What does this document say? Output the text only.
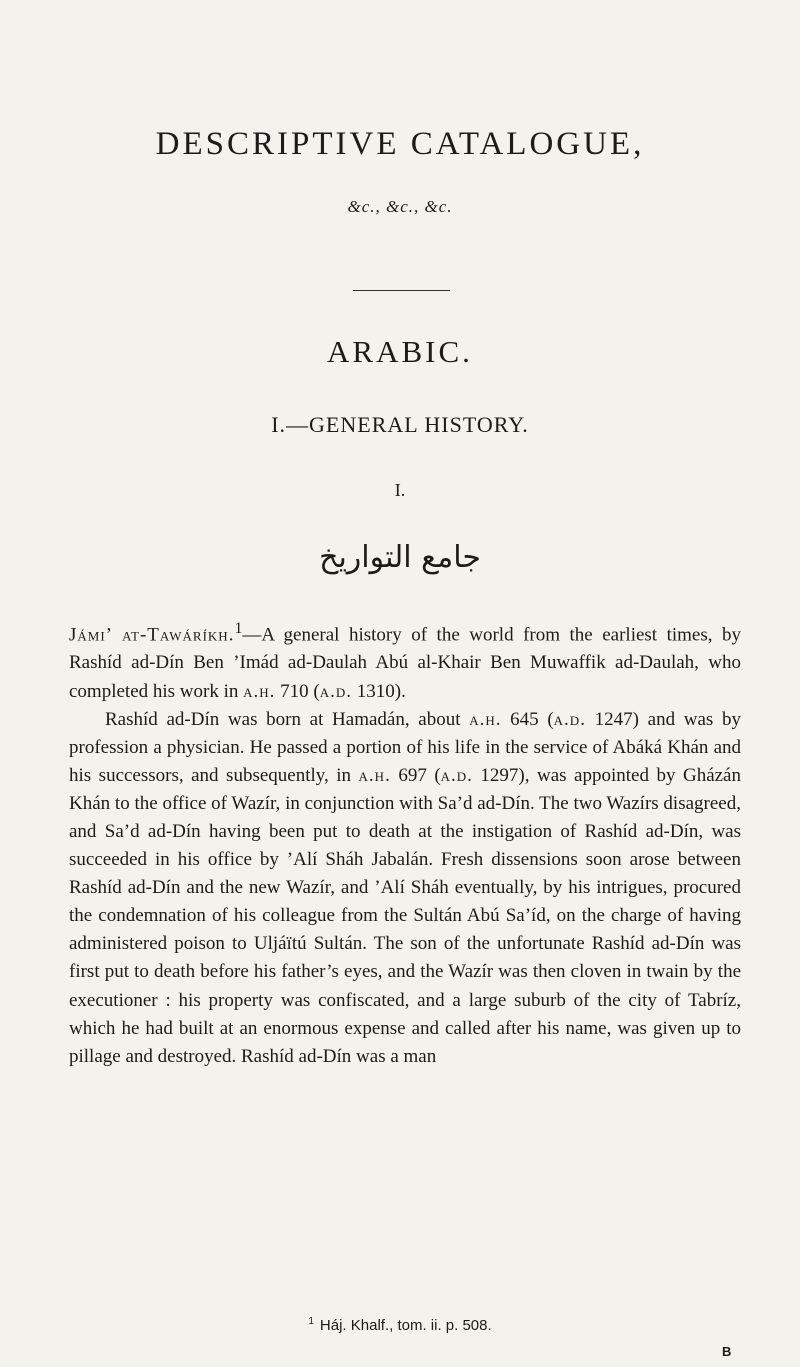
DESCRIPTIVE CATALOGUE,
&c., &c., &c.
ARABIC.
I.—GENERAL HISTORY.
I.
جامع التواريخ

Jámi’ at-Tawáríkh.$^1$—A general history of the world from the earliest times, by Rashíd ad-Dín Ben ’Imád ad-Daulah Abú al-Khair Ben Muwaffik ad-Daulah, who completed his work in a.h. 710 (a.d. 1310).

Rashíd ad-Dín was born at Hamadán, about a.h. 645 (a.d. 1247) and was by profession a physician. He passed a portion of his life in the service of Abáká Khán and his successors, and subsequently, in a.h. 697 (a.d. 1297), was appointed by Gházán Khán to the office of Wazír, in conjunction with Sa’d ad-Dín. The two Wazírs disagreed, and Sa’d ad-Dín having been put to death at the instigation of Rashíd ad-Dín, was succeeded in his office by ’Alí Sháh Jabalán. Fresh dissensions soon arose between Rashíd ad-Dín and the new Wazír, and ’Alí Sháh eventually, by his intrigues, procured the condemnation of his colleague from the Sultán Abú Sa’íd, on the charge of having administered poison to Uljáïtú Sultán. The son of the unfortunate Rashíd ad-Dín was first put to death before his father’s eyes, and the Wazír was then cloven in twain by the executioner : his property was confiscated, and a large suburb of the city of Tabríz, which he had built at an enormous expense and called after his name, was given up to pillage and destroyed. Rashíd ad-Dín was a man

$^1$ Háj. Khalf., tom. ii. p. 508.
B
